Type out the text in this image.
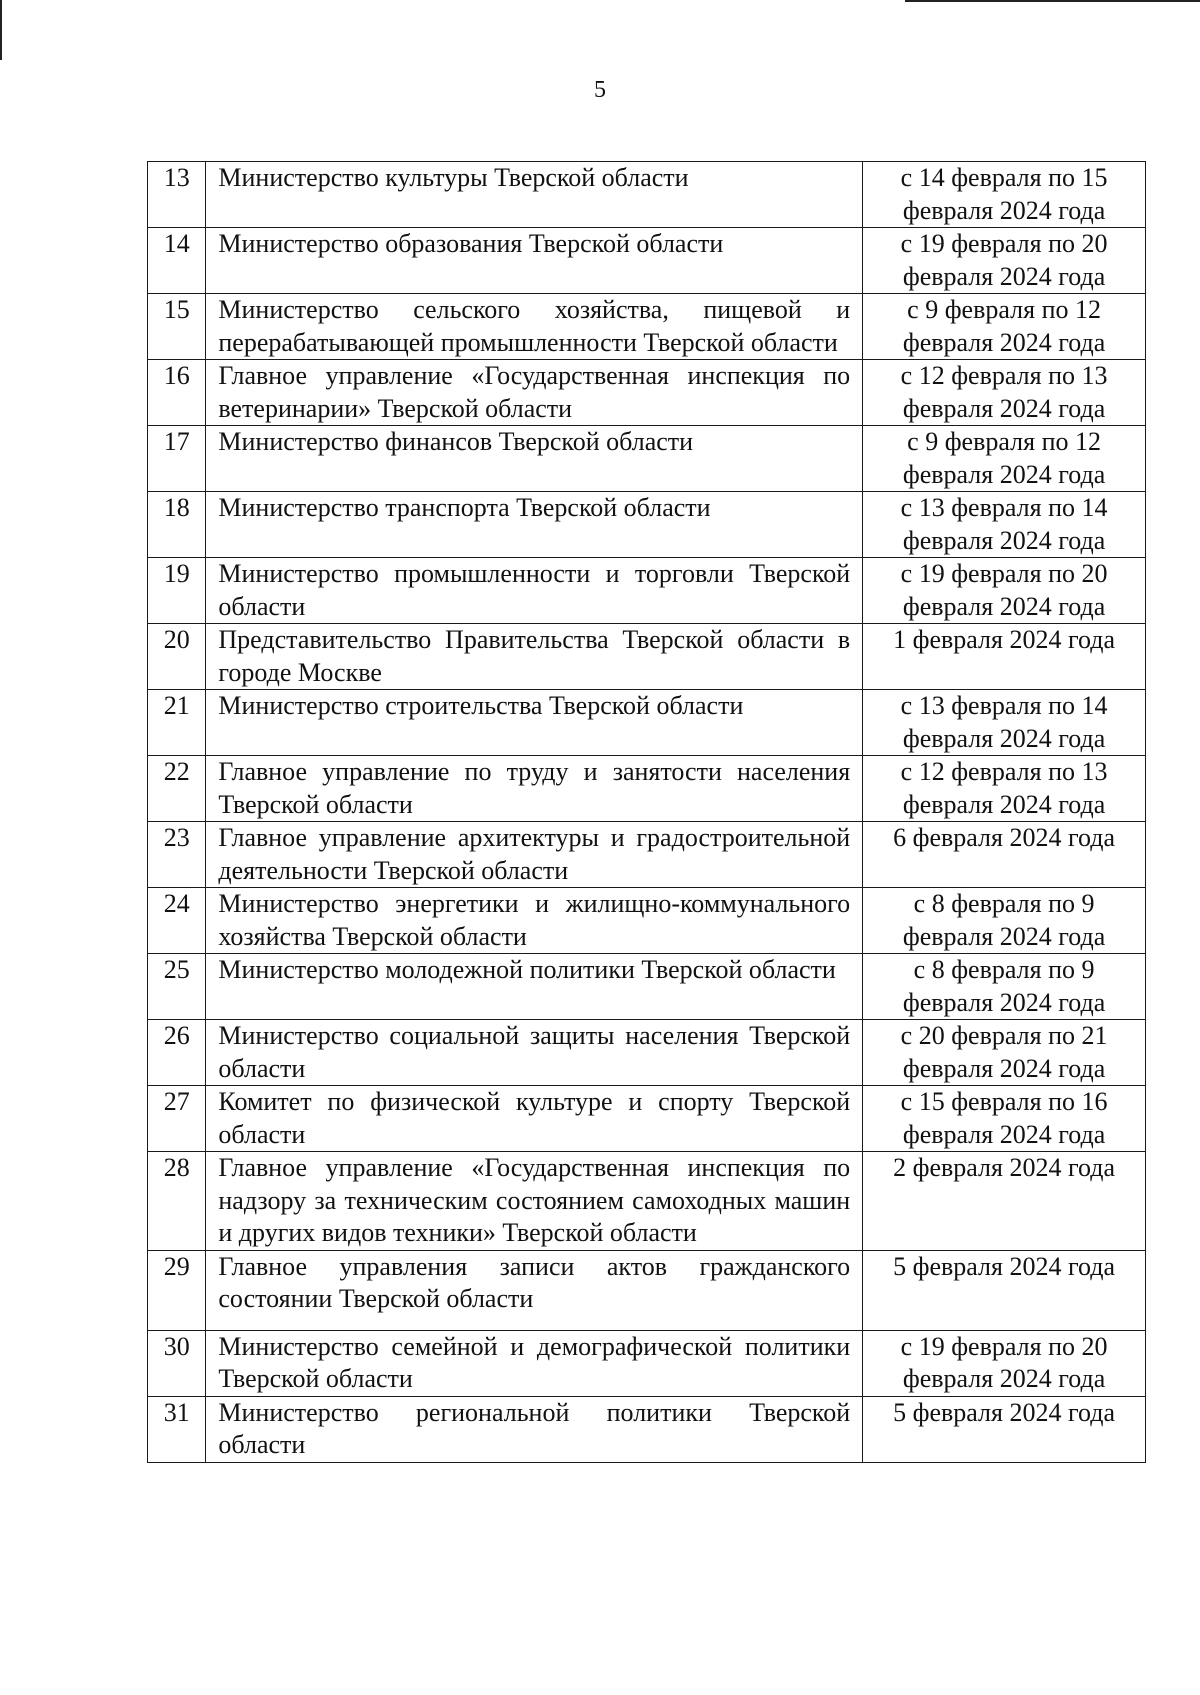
5
13	Министерство культуры Тверской области	с 14 февраля по 15 февраля 2024 года
14	Министерство образования Тверской области	с 19 февраля по 20 февраля 2024 года
15	Министерство сельского хозяйства, пищевой и перерабатывающей промышленности Тверской области	с 9 февраля по 12 февраля 2024 года
16	Главное управление «Государственная инспекция по ветеринарии» Тверской области	с 12 февраля по 13 февраля 2024 года
17	Министерство финансов Тверской области	с 9 февраля по 12 февраля 2024 года
18	Министерство транспорта Тверской области	с 13 февраля по 14 февраля 2024 года
19	Министерство промышленности и торговли Тверской области	с 19 февраля по 20 февраля 2024 года
20	Представительство Правительства Тверской области в городе Москве	1 февраля 2024 года
21	Министерство строительства Тверской области	с 13 февраля по 14 февраля 2024 года
22	Главное управление по труду и занятости населения Тверской области	с 12 февраля по 13 февраля 2024 года
23	Главное управление архитектуры и градостроительной деятельности Тверской области	6 февраля 2024 года
24	Министерство энергетики и жилищно-коммунального хозяйства Тверской области	с 8 февраля по 9 февраля 2024 года
25	Министерство молодежной политики Тверской области	с 8 февраля по 9 февраля 2024 года
26	Министерство социальной защиты населения Тверской области	с 20 февраля по 21 февраля 2024 года
27	Комитет по физической культуре и спорту Тверской области	с 15 февраля по 16 февраля 2024 года
28	Главное управление «Государственная инспекция по надзору за техническим состоянием самоходных машин и других видов техники» Тверской области	2 февраля 2024 года
29	Главное управления записи актов гражданского состоянии Тверской области	5 февраля 2024 года
30	Министерство семейной и демографической политики Тверской области	с 19 февраля по 20 февраля 2024 года
31	Министерство региональной политики Тверской области	5 февраля 2024 года
